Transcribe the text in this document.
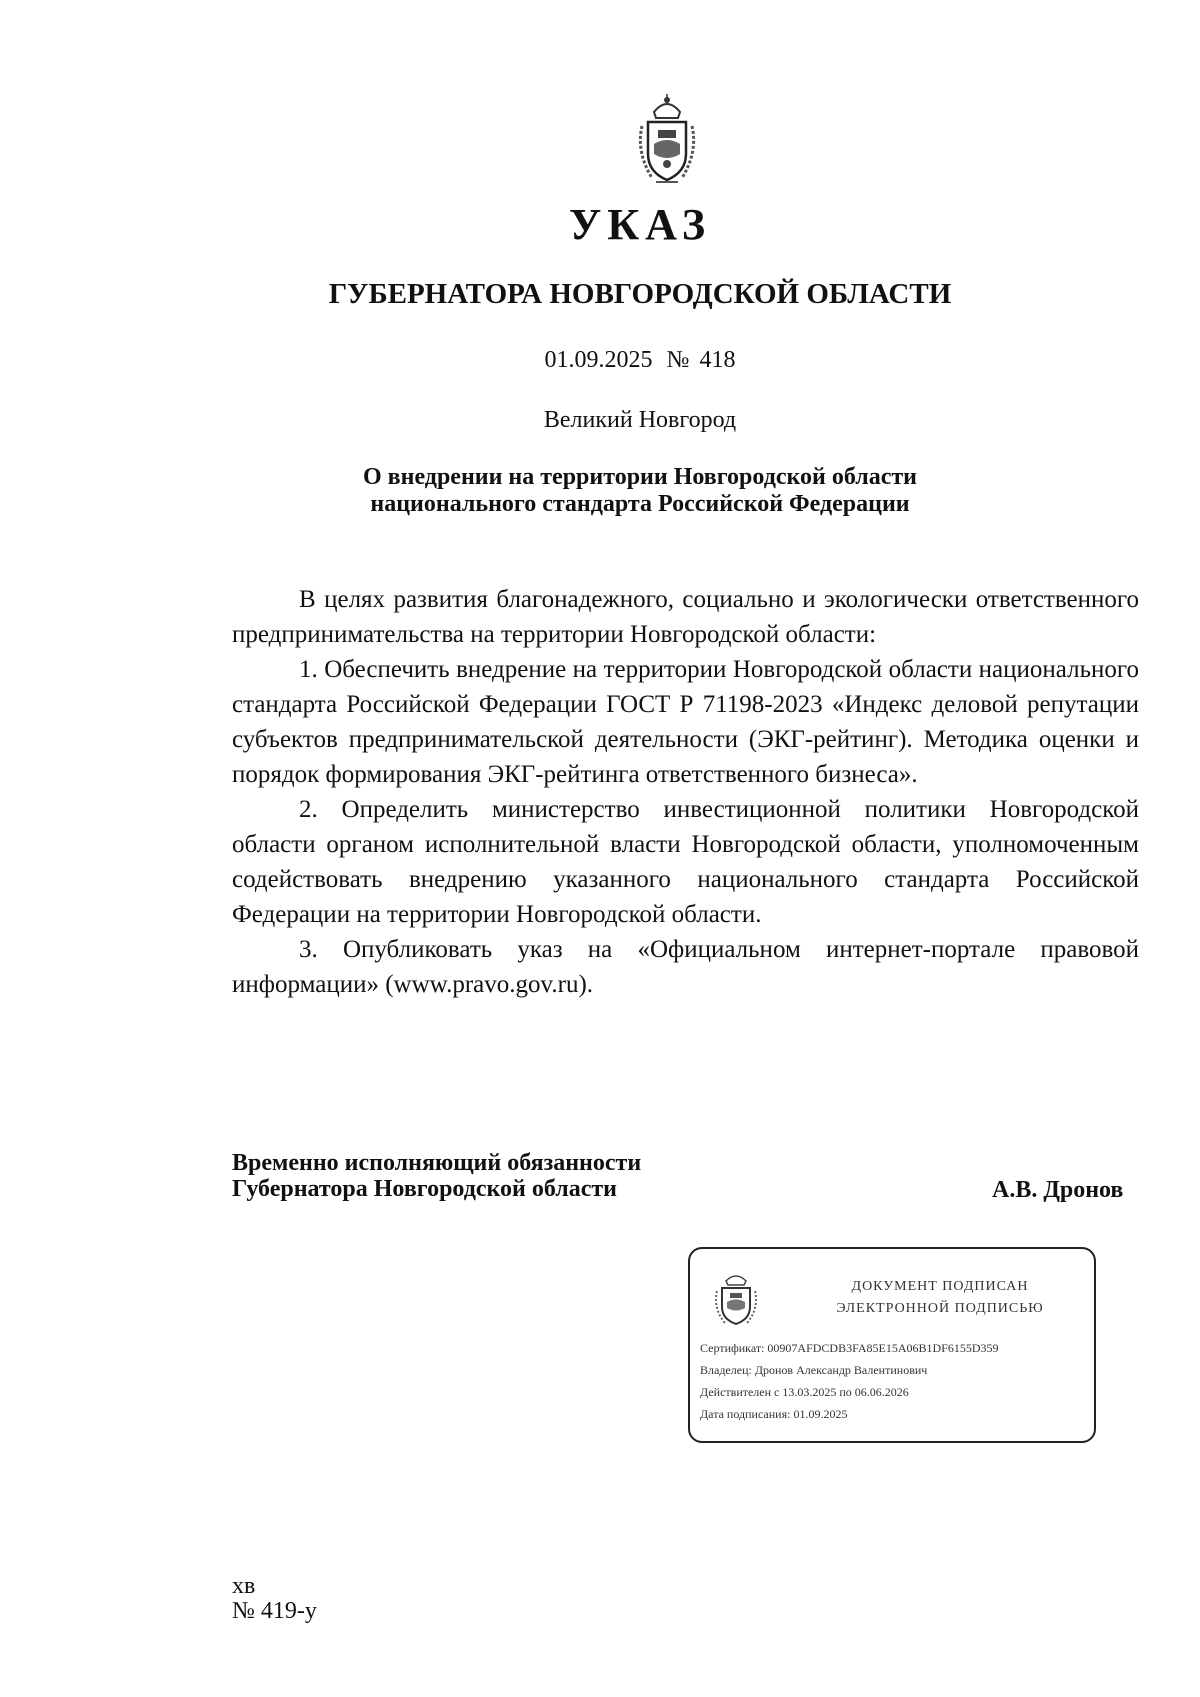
УКАЗ
ГУБЕРНАТОРА НОВГОРОДСКОЙ ОБЛАСТИ
01.09.2025 № 418
Великий Новгород
О внедрении на территории Новгородской области
национального стандарта Российской Федерации

В целях развития благонадежного, социально и экологически ответственного предпринимательства на территории Новгородской области:

1. Обеспечить внедрение на территории Новгородской области национального стандарта Российской Федерации ГОСТ Р 71198-2023 «Индекс деловой репутации субъектов предпринимательской деятельности (ЭКГ-рейтинг). Методика оценки и порядок формирования ЭКГ-рейтинга ответственного бизнеса».

2. Определить министерство инвестиционной политики Новгородской области органом исполнительной власти Новгородской области, уполномоченным содействовать внедрению указанного национального стандарта Российской Федерации на территории Новгородской области.

3. Опубликовать указ на «Официальном интернет-портале правовой информации» (www.pravo.gov.ru).

Временно исполняющий обязанности
Губернатора Новгородской области	А.В. Дронов
ДОКУМЕНТ ПОДПИСАН
ЭЛЕКТРОННОЙ ПОДПИСЬЮ
Сертификат: 00907AFDCDB3FA85E15A06B1DF6155D359
Владелец: Дронов Александр Валентинович
Действителен с 13.03.2025 по 06.06.2026
Дата подписания: 01.09.2025
хв
№ 419-у
